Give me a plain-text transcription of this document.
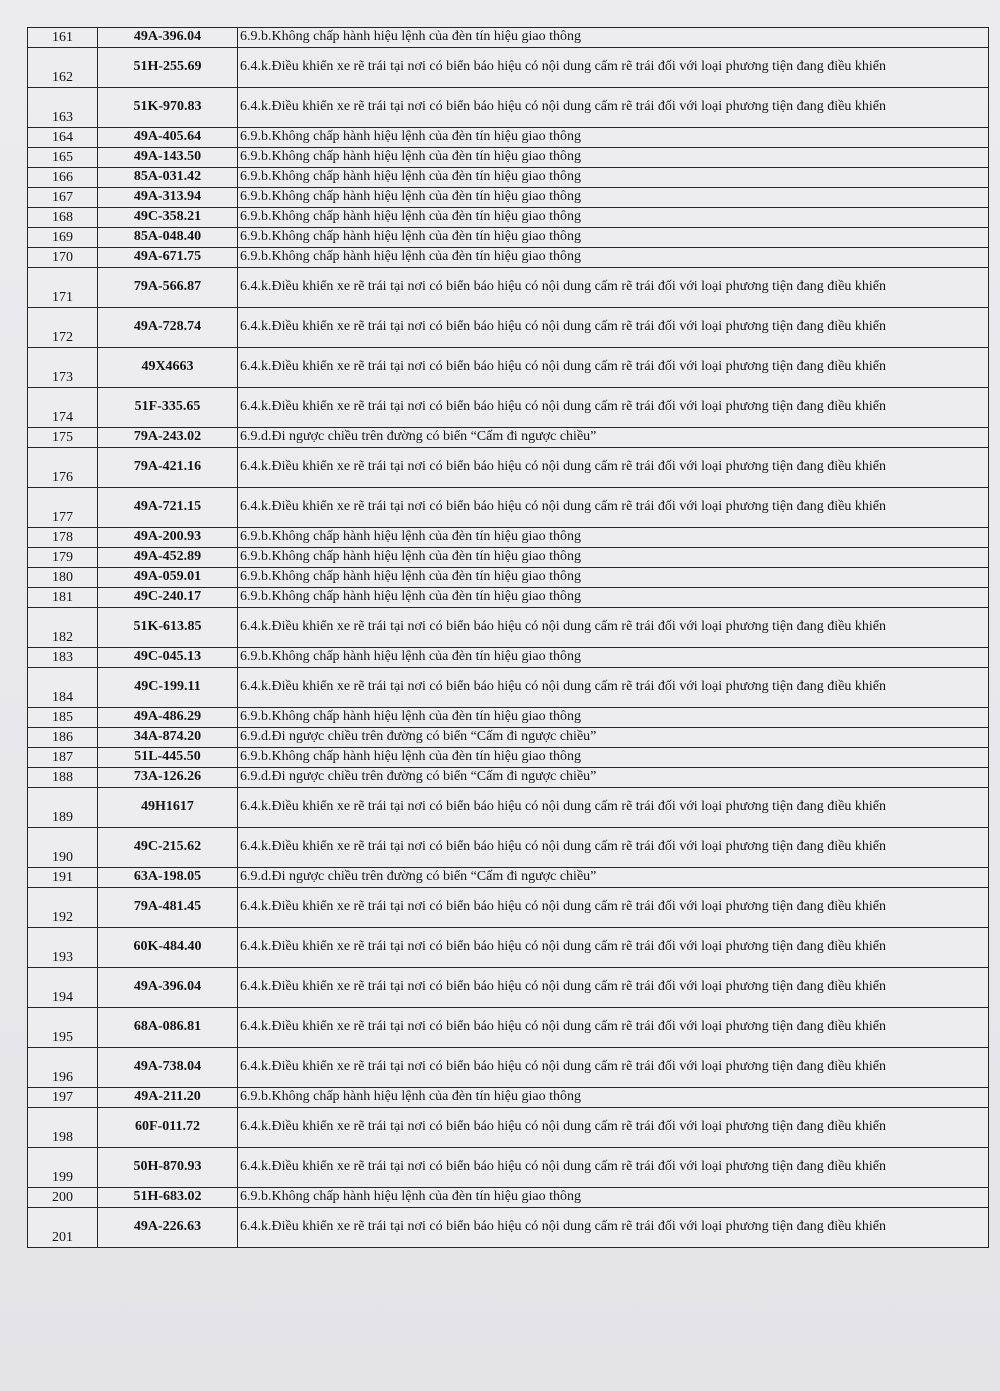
161	49A-396.04	6.9.b.Không chấp hành hiệu lệnh của đèn tín hiệu giao thông
162	51H-255.69	6.4.k.Điều khiển xe rẽ trái tại nơi có biển báo hiệu có nội dung cấm rẽ trái đối với loại phương tiện đang điều khiển
163	51K-970.83	6.4.k.Điều khiển xe rẽ trái tại nơi có biển báo hiệu có nội dung cấm rẽ trái đối với loại phương tiện đang điều khiển
164	49A-405.64	6.9.b.Không chấp hành hiệu lệnh của đèn tín hiệu giao thông
165	49A-143.50	6.9.b.Không chấp hành hiệu lệnh của đèn tín hiệu giao thông
166	85A-031.42	6.9.b.Không chấp hành hiệu lệnh của đèn tín hiệu giao thông
167	49A-313.94	6.9.b.Không chấp hành hiệu lệnh của đèn tín hiệu giao thông
168	49C-358.21	6.9.b.Không chấp hành hiệu lệnh của đèn tín hiệu giao thông
169	85A-048.40	6.9.b.Không chấp hành hiệu lệnh của đèn tín hiệu giao thông
170	49A-671.75	6.9.b.Không chấp hành hiệu lệnh của đèn tín hiệu giao thông
171	79A-566.87	6.4.k.Điều khiển xe rẽ trái tại nơi có biển báo hiệu có nội dung cấm rẽ trái đối với loại phương tiện đang điều khiển
172	49A-728.74	6.4.k.Điều khiển xe rẽ trái tại nơi có biển báo hiệu có nội dung cấm rẽ trái đối với loại phương tiện đang điều khiển
173	49X4663	6.4.k.Điều khiển xe rẽ trái tại nơi có biển báo hiệu có nội dung cấm rẽ trái đối với loại phương tiện đang điều khiển
174	51F-335.65	6.4.k.Điều khiển xe rẽ trái tại nơi có biển báo hiệu có nội dung cấm rẽ trái đối với loại phương tiện đang điều khiển
175	79A-243.02	6.9.d.Đi ngược chiều trên đường có biển “Cấm đi ngược chiều”
176	79A-421.16	6.4.k.Điều khiển xe rẽ trái tại nơi có biển báo hiệu có nội dung cấm rẽ trái đối với loại phương tiện đang điều khiển
177	49A-721.15	6.4.k.Điều khiển xe rẽ trái tại nơi có biển báo hiệu có nội dung cấm rẽ trái đối với loại phương tiện đang điều khiển
178	49A-200.93	6.9.b.Không chấp hành hiệu lệnh của đèn tín hiệu giao thông
179	49A-452.89	6.9.b.Không chấp hành hiệu lệnh của đèn tín hiệu giao thông
180	49A-059.01	6.9.b.Không chấp hành hiệu lệnh của đèn tín hiệu giao thông
181	49C-240.17	6.9.b.Không chấp hành hiệu lệnh của đèn tín hiệu giao thông
182	51K-613.85	6.4.k.Điều khiển xe rẽ trái tại nơi có biển báo hiệu có nội dung cấm rẽ trái đối với loại phương tiện đang điều khiển
183	49C-045.13	6.9.b.Không chấp hành hiệu lệnh của đèn tín hiệu giao thông
184	49C-199.11	6.4.k.Điều khiển xe rẽ trái tại nơi có biển báo hiệu có nội dung cấm rẽ trái đối với loại phương tiện đang điều khiển
185	49A-486.29	6.9.b.Không chấp hành hiệu lệnh của đèn tín hiệu giao thông
186	34A-874.20	6.9.d.Đi ngược chiều trên đường có biển “Cấm đi ngược chiều”
187	51L-445.50	6.9.b.Không chấp hành hiệu lệnh của đèn tín hiệu giao thông
188	73A-126.26	6.9.d.Đi ngược chiều trên đường có biển “Cấm đi ngược chiều”
189	49H1617	6.4.k.Điều khiển xe rẽ trái tại nơi có biển báo hiệu có nội dung cấm rẽ trái đối với loại phương tiện đang điều khiển
190	49C-215.62	6.4.k.Điều khiển xe rẽ trái tại nơi có biển báo hiệu có nội dung cấm rẽ trái đối với loại phương tiện đang điều khiển
191	63A-198.05	6.9.d.Đi ngược chiều trên đường có biển “Cấm đi ngược chiều”
192	79A-481.45	6.4.k.Điều khiển xe rẽ trái tại nơi có biển báo hiệu có nội dung cấm rẽ trái đối với loại phương tiện đang điều khiển
193	60K-484.40	6.4.k.Điều khiển xe rẽ trái tại nơi có biển báo hiệu có nội dung cấm rẽ trái đối với loại phương tiện đang điều khiển
194	49A-396.04	6.4.k.Điều khiển xe rẽ trái tại nơi có biển báo hiệu có nội dung cấm rẽ trái đối với loại phương tiện đang điều khiển
195	68A-086.81	6.4.k.Điều khiển xe rẽ trái tại nơi có biển báo hiệu có nội dung cấm rẽ trái đối với loại phương tiện đang điều khiển
196	49A-738.04	6.4.k.Điều khiển xe rẽ trái tại nơi có biển báo hiệu có nội dung cấm rẽ trái đối với loại phương tiện đang điều khiển
197	49A-211.20	6.9.b.Không chấp hành hiệu lệnh của đèn tín hiệu giao thông
198	60F-011.72	6.4.k.Điều khiển xe rẽ trái tại nơi có biển báo hiệu có nội dung cấm rẽ trái đối với loại phương tiện đang điều khiển
199	50H-870.93	6.4.k.Điều khiển xe rẽ trái tại nơi có biển báo hiệu có nội dung cấm rẽ trái đối với loại phương tiện đang điều khiển
200	51H-683.02	6.9.b.Không chấp hành hiệu lệnh của đèn tín hiệu giao thông
201	49A-226.63	6.4.k.Điều khiển xe rẽ trái tại nơi có biển báo hiệu có nội dung cấm rẽ trái đối với loại phương tiện đang điều khiển
